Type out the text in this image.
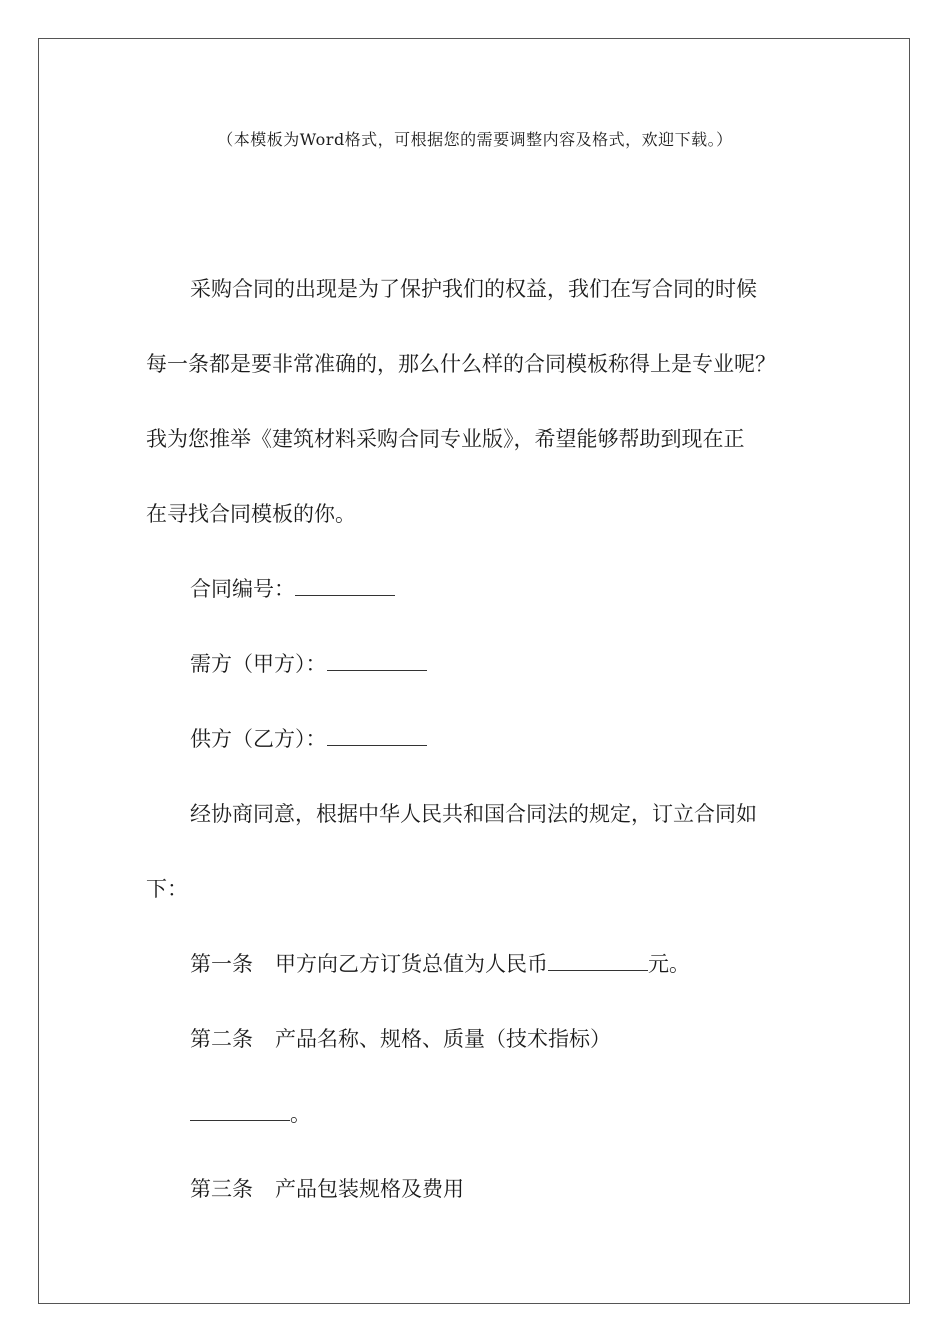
（本模板为Word格式，可根据您的需要调整内容及格式，欢迎下载。）
采购合同的出现是为了保护我们的权益，我们在写合同的时候
每一条都是要非常准确的，那么什么样的合同模板称得上是专业呢？
我为您推举《建筑材料采购合同专业版》，希望能够帮助到现在正
在寻找合同模板的你。
合同编号：
需方（甲方）：
供方（乙方）：
经协商同意，根据中华人民共和国合同法的规定，订立合同如
下：
第一条 甲方向乙方订货总值为人民币	元。
第二条 产品名称、规格、质量（技术指标）
。
第三条 产品包装规格及费用
